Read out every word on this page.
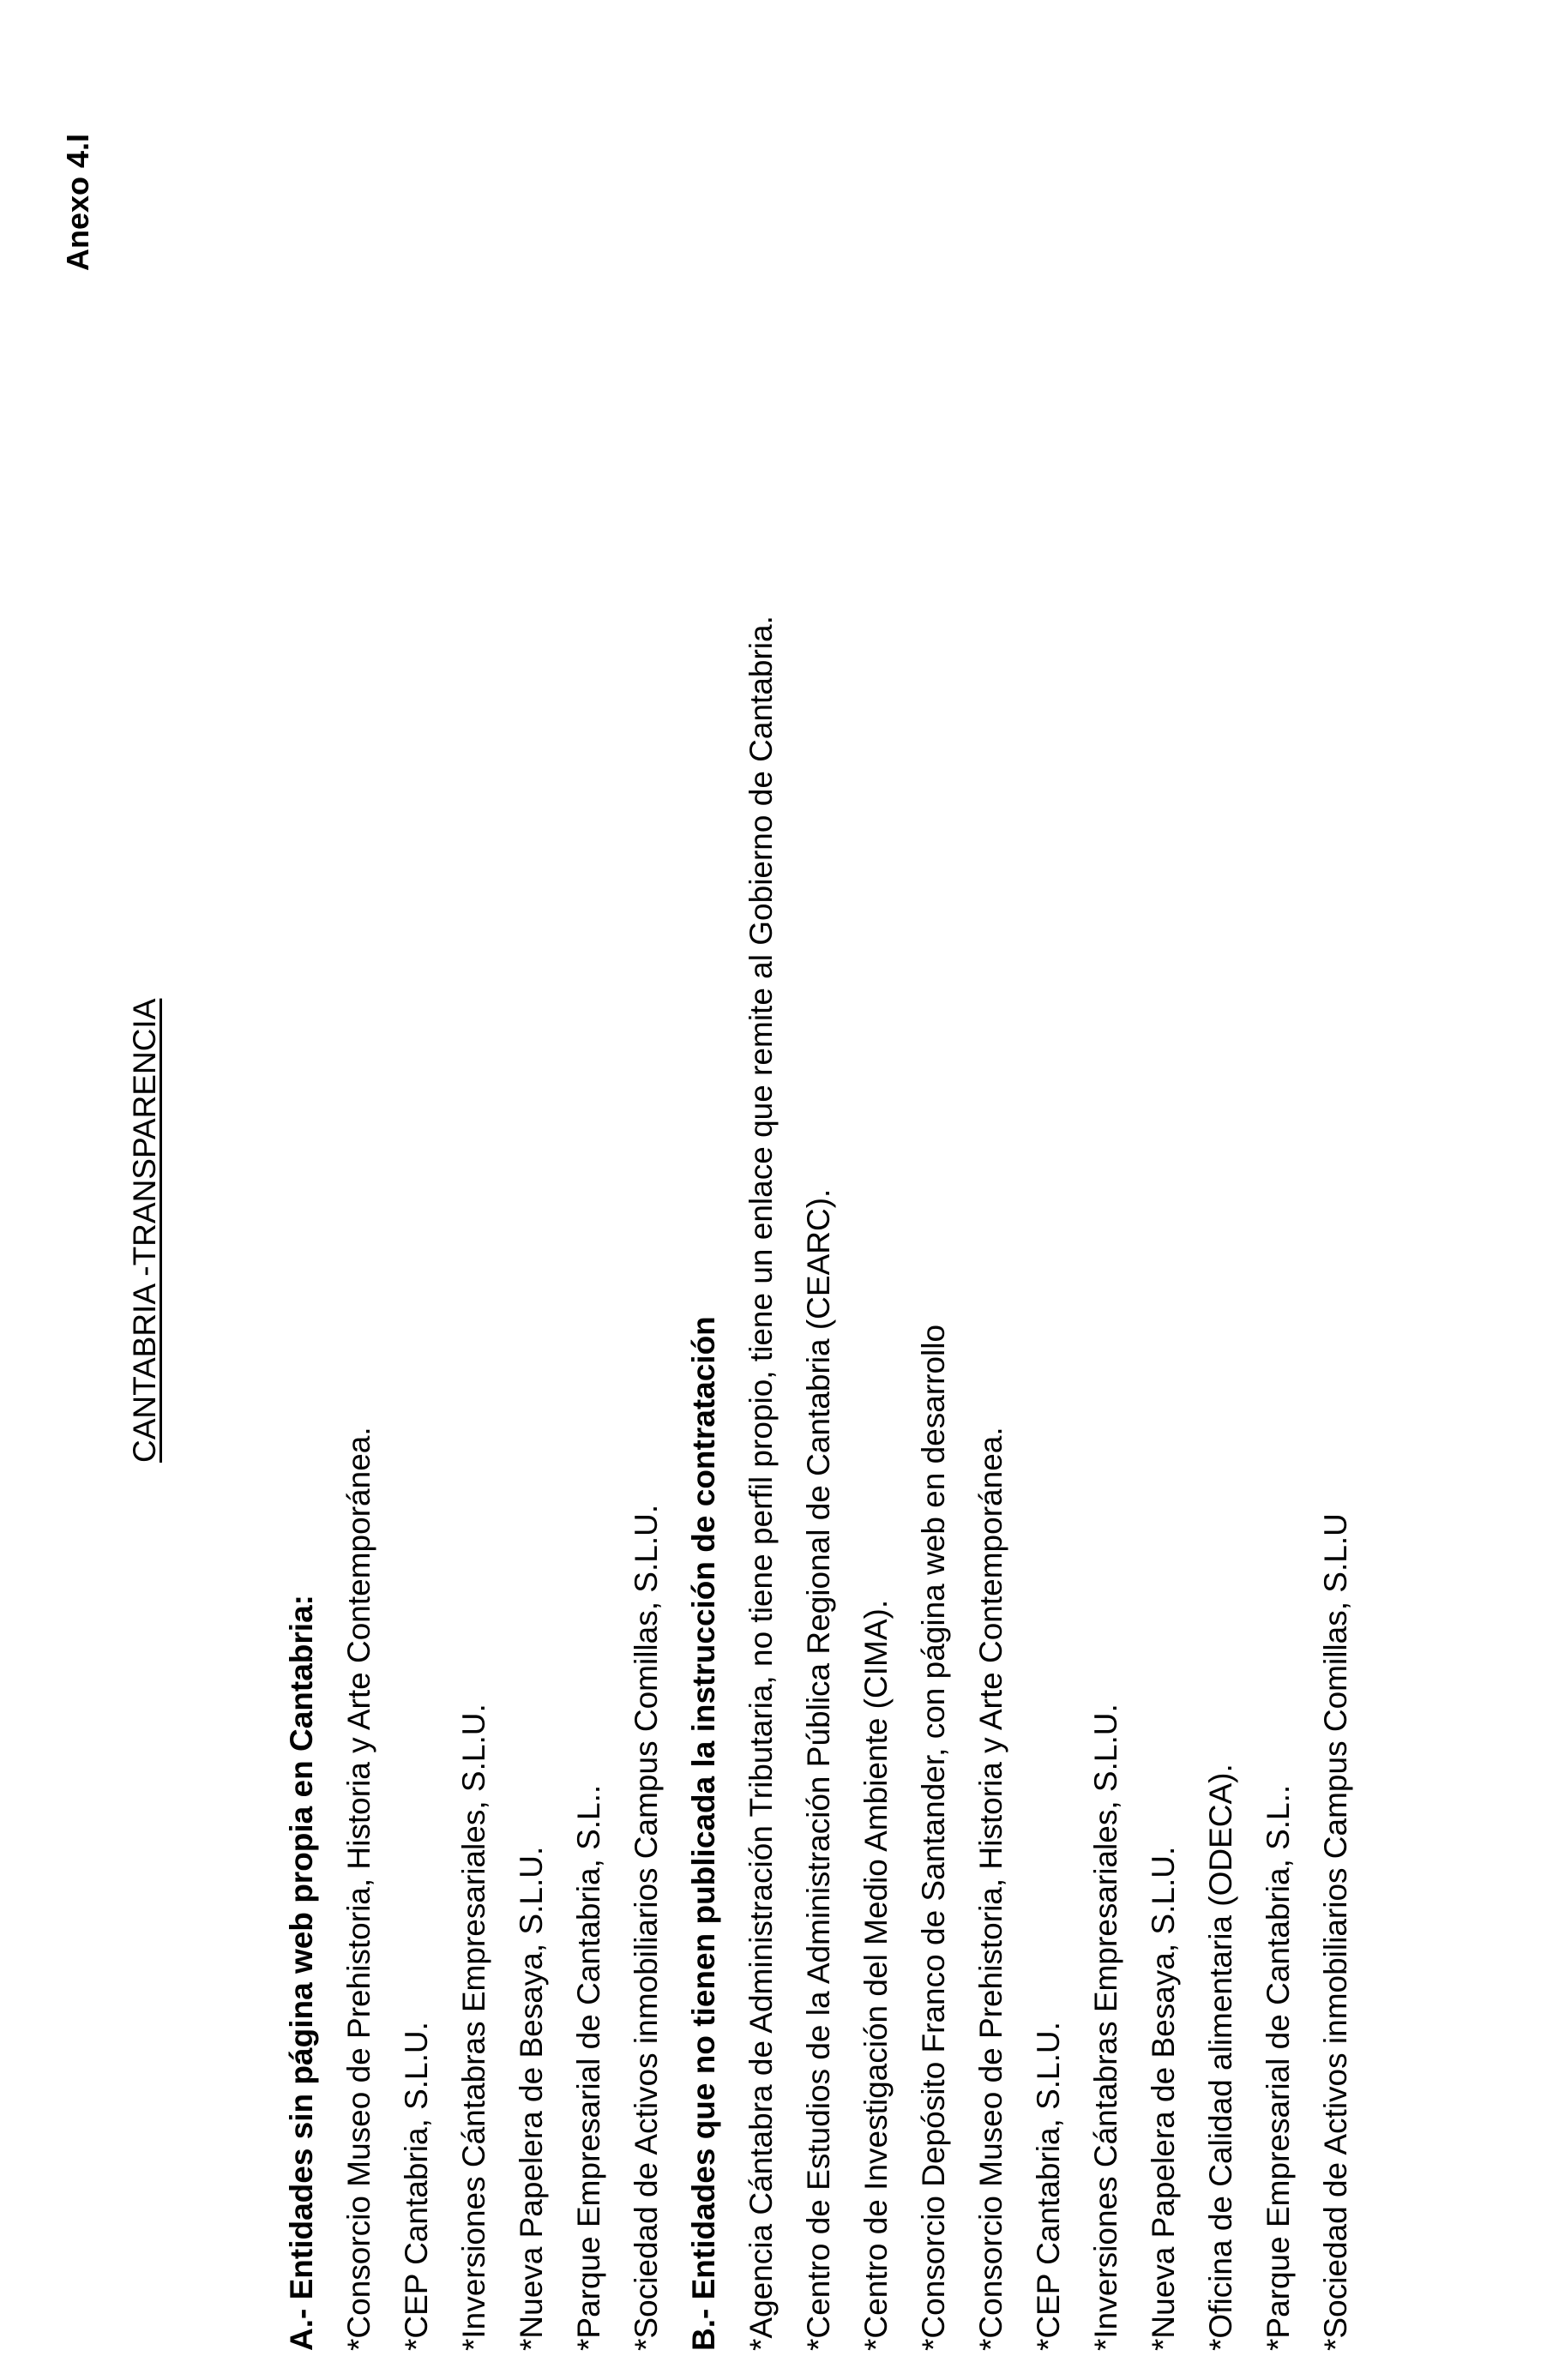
Anexo 4.I
CANTABRIA -TRANSPARENCIA
A.- Entidades sin página web propia en Cantabria: *Consorcio Museo de Prehistoria, Historia y Arte Contemporánea. *CEP Cantabria, S.L.U. *Inversiones Cántabras Empresariales, S.L.U. *Nueva Papelera de Besaya, S.L.U. *Parque Empresarial de Cantabria, S.L.. *Sociedad de Activos inmobiliarios Campus Comillas, S.L.U. B.- Entidades que no tienen publicada la instrucción de contratación *Agencia Cántabra de Administración Tributaria, no tiene perfil propio, tiene un enlace que remite al Gobierno de Cantabria. *Centro de Estudios de la Administración Pública Regional de Cantabria (CEARC). *Centro de Investigación del Medio Ambiente (CIMA). *Consorcio Depósito Franco de Santander, con página web en desarrollo *Consorcio Museo de Prehistoria, Historia y Arte Contemporánea. *CEP Cantabria, S.L.U. *Inversiones Cántabras Empresariales, S.L.U. *Nueva Papelera de Besaya, S.L.U. *Oficina de Calidad alimentaria (ODECA). *Parque Empresarial de Cantabria, S.L.. *Sociedad de Activos inmobiliarios Campus Comillas, S.L.U
